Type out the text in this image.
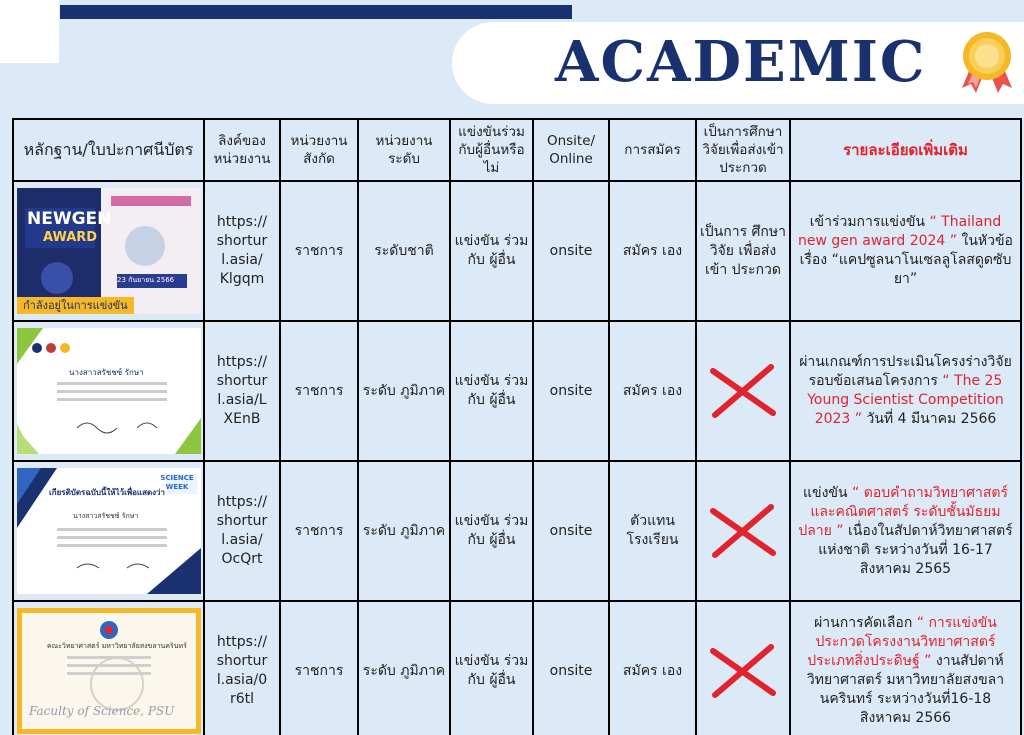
ACADEMIC
หลักฐาน/ใบปะกาศนีบัตร	ลิงค์ของหน่วยงาน	หน่วยงานสังกัด	หน่วยงานระดับ	แข่งขันร่วมกับผู้อื่นหรือไม่	Onsite/ Online	การสมัคร	เป็นการศึกษาวิจัยเพื่อส่งเข้าประกวด	รายละเอียดเพิ่มเติม

NEWGEN
AWARD
23 กันยายน 2566
กำลังอยู่ในการแข่งขัน	https:// shortur l.asia/ Klgqm	ราชการ	ระดับชาติ	แข่งขัน ร่วมกับ ผู้อื่น	onsite	สมัคร เอง	เป็นการ ศึกษาวิจัย เพื่อส่งเข้า ประกวด	เข้าร่วมการแข่งขัน “ Thailand new gen award 2024 ” ในหัวข้อเรื่อง “แคปซูลนาโนเซลลูโลสดูดซับยา”

นางสาวสรัชชซ์ รักษา	https:// shortur l.asia/L XEnB	ราชการ	ระดับ ภูมิภาค	แข่งขัน ร่วมกับ ผู้อื่น	onsite	สมัคร เอง		ผ่านเกณฑ์การประเมินโครงร่างวิจัย รอบข้อเสนอโครงการ “ The 25 Young Scientist Competition 2023 ” วันที่ 4 มีนาคม 2566

เกียรติบัตรฉบับนี้ให้ไว้เพื่อแสดงว่า
SCIENCE WEEK
นางสาวสรัชชซ์ รักษา	https:// shortur l.asia/ OcQrt	ราชการ	ระดับ ภูมิภาค	แข่งขัน ร่วมกับ ผู้อื่น	onsite	ตัวแทน โรงเรียน		แข่งขัน “ ตอบคำถามวิทยาศาสตร์และคณิตศาสตร์ ระดับชั้นมัธยมปลาย ” เนื่องในสัปดาห์วิทยาศาสตร์แห่งชาติ ระหว่างวันที่ 16-17 สิงหาคม 2565

คณะวิทยาศาสตร์ มหาวิทยาลัยสงขลานครินทร์
Faculty of Science, PSU	https:// shortur l.asia/0 r6tl	ราชการ	ระดับ ภูมิภาค	แข่งขัน ร่วมกับ ผู้อื่น	onsite	สมัคร เอง		ผ่านการคัดเลือก “ การแข่งขันประกวดโครงงานวิทยาศาสตร์ ประเภทสิ่งประดิษฐ์ ” งานสัปดาห์วิทยาศาสตร์ มหาวิทยาลัยสงขลานครินทร์ ระหว่างวันที่16-18 สิงหาคม 2566
